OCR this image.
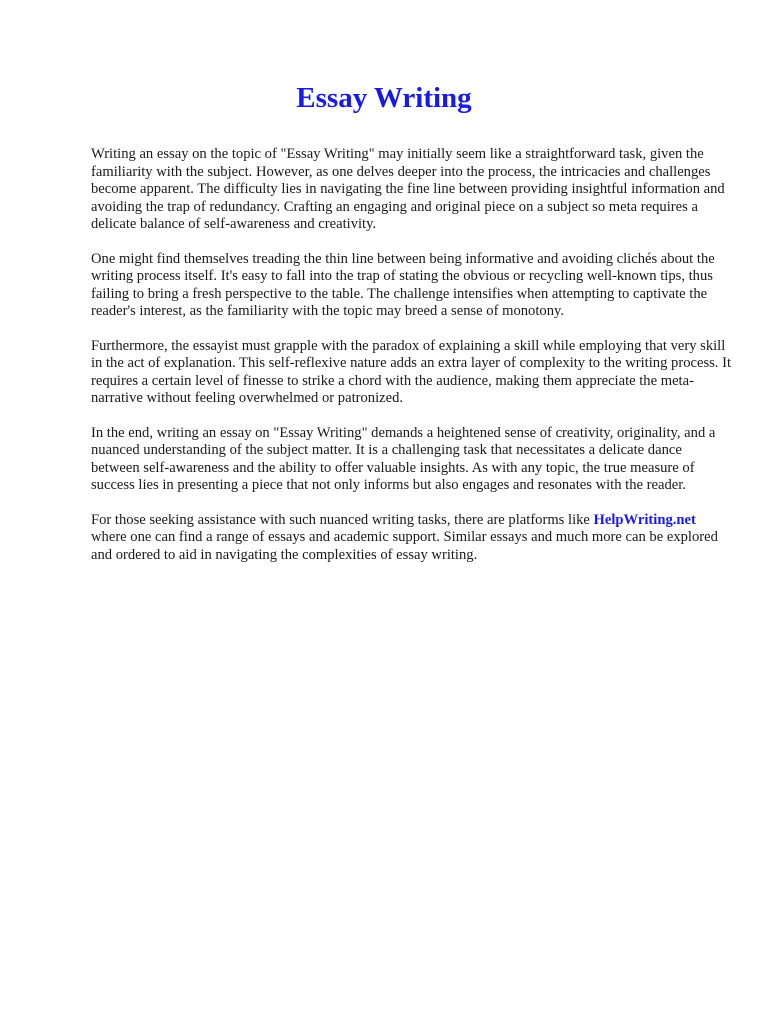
Essay Writing

Writing an essay on the topic of "Essay Writing" may initially seem like a straightforward task, given the familiarity with the subject. However, as one delves deeper into the process, the intricacies and challenges become apparent. The difficulty lies in navigating the fine line between providing insightful information and avoiding the trap of redundancy. Crafting an engaging and original piece on a subject so meta requires a delicate balance of self-awareness and creativity.

One might find themselves treading the thin line between being informative and avoiding clichés about the writing process itself. It's easy to fall into the trap of stating the obvious or recycling well-known tips, thus failing to bring a fresh perspective to the table. The challenge intensifies when attempting to captivate the reader's interest, as the familiarity with the topic may breed a sense of monotony.

Furthermore, the essayist must grapple with the paradox of explaining a skill while employing that very skill in the act of explanation. This self-reflexive nature adds an extra layer of complexity to the writing process. It requires a certain level of finesse to strike a chord with the audience, making them appreciate the meta-narrative without feeling overwhelmed or patronized.

In the end, writing an essay on "Essay Writing" demands a heightened sense of creativity, originality, and a nuanced understanding of the subject matter. It is a challenging task that necessitates a delicate dance between self-awareness and the ability to offer valuable insights. As with any topic, the true measure of success lies in presenting a piece that not only informs but also engages and resonates with the reader.

For those seeking assistance with such nuanced writing tasks, there are platforms like HelpWriting.net where one can find a range of essays and academic support. Similar essays and much more can be explored and ordered to aid in navigating the complexities of essay writing.
